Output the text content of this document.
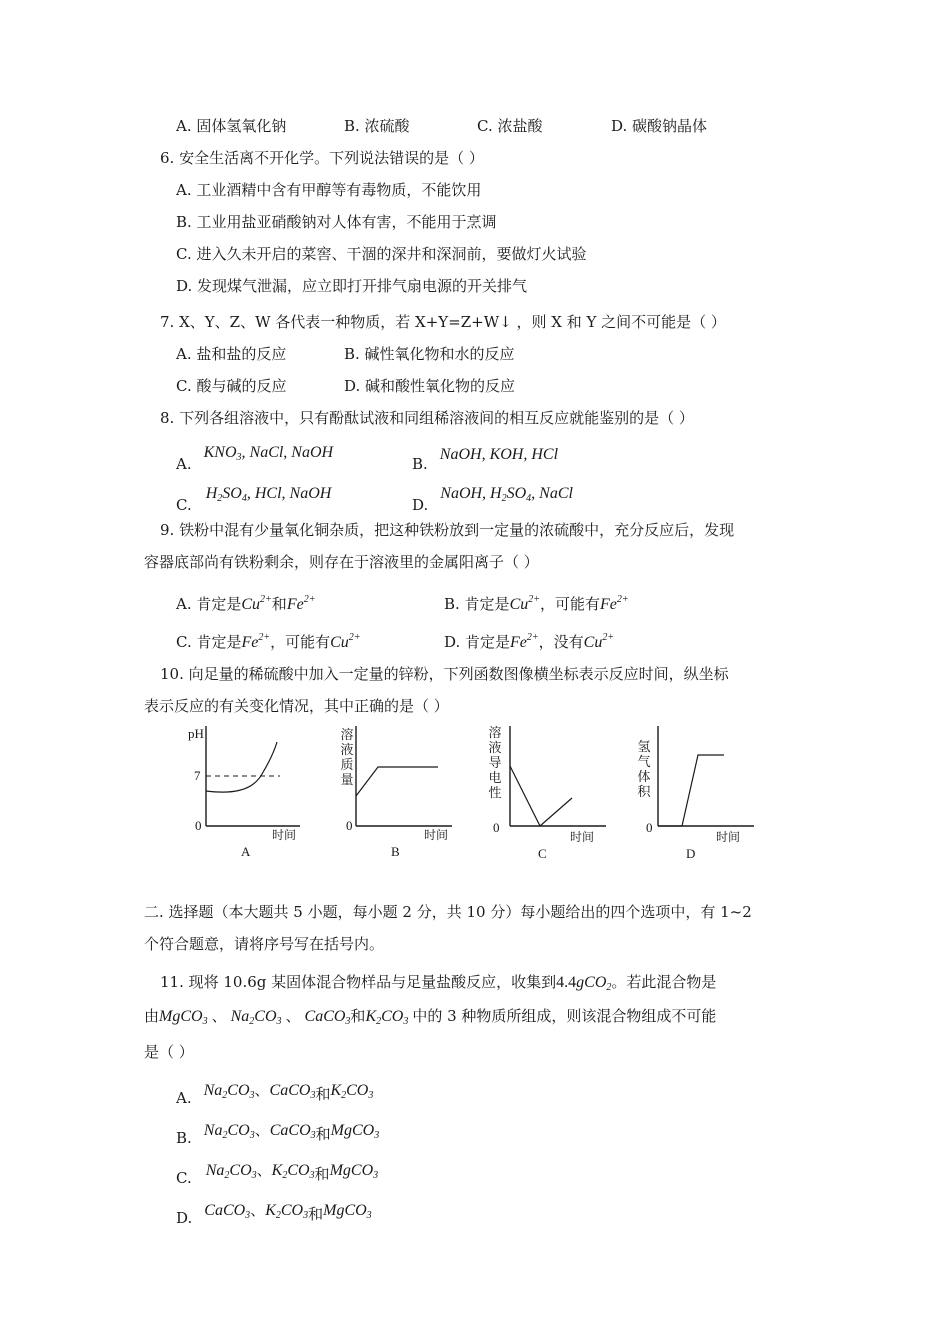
A. 固体氢氧化钠	B. 浓硫酸	C. 浓盐酸	D. 碳酸钠晶体
6. 安全生活离不开化学。下列说法错误的是（ ）
A. 工业酒精中含有甲醇等有毒物质，不能饮用
B. 工业用盐亚硝酸钠对人体有害，不能用于烹调
C. 进入久未开启的菜窖、干涸的深井和深洞前，要做灯火试验
D. 发现煤气泄漏，应立即打开排气扇电源的开关排气
7. X、Y、Z、W 各代表一种物质，若 X+Y=Z+W↓ ，则 X 和 Y 之间不可能是（ ）
A. 盐和盐的反应	B. 碱性氧化物和水的反应
C. 酸与碱的反应	D. 碱和酸性氧化物的反应
8. 下列各组溶液中，只有酚酞试液和同组稀溶液间的相互反应就能鉴别的是（ ）
$A.KNO_3$, NaCl, NaOH
B.NaOH, KOH, HCl
$C.H_2SO_4$, HCl, NaOH
D.NaOH, $H_2SO_4$, NaCl
9. 铁粉中混有少量氧化铜杂质，把这种铁粉放到一定量的浓硫酸中，充分反应后，发现
容器底部尚有铁粉剩余，则存在于溶液里的金属阳离子（ ）
A. 肯定是$Cu^{2+}$和$Fe^{2+}$	B. 肯定是$Cu^{2+}$，可能有$Fe^{2+}$
C. 肯定是$Fe^{2+}$，可能有$Cu^{2+}$	D. 肯定是$Fe^{2+}$，没有$Cu^{2+}$
10. 向足量的稀硫酸中加入一定量的锌粉，下列函数图像横坐标表示反应时间，纵坐标
表示反应的有关变化情况，其中正确的是（ ）
pH
7
0
时间
A
溶
液
质
量
0
时间
B
溶
液
导
电
性
0
时间
C
氢
气
体
积
0
时间
D
二. 选择题（本大题共 5 小题，每小题 2 分，共 10 分）每小题给出的四个选项中，有 1~2
个符合题意，请将序号写在括号内。
11. 现将 10.6g 某固体混合物样品与足量盐酸反应，收集到4.4gCO$_2$。若此混合物是
由MgCO$_3$ 、 $Na_2CO_3$ 、 CaCO$_3$和$K_2CO_3$ 中的 3 种物质所组成，则该混合物组成不可能
是（ ）
A. $Na_2CO_3$、CaCO$_3$和$K_2CO_3$
B. $Na_2CO_3$、CaCO$_3$和MgCO$_3$
C. $Na_2CO_3$、$K_2CO_3$和MgCO$_3$
D. CaCO$_3$、$K_2CO_3$和MgCO$_3$
